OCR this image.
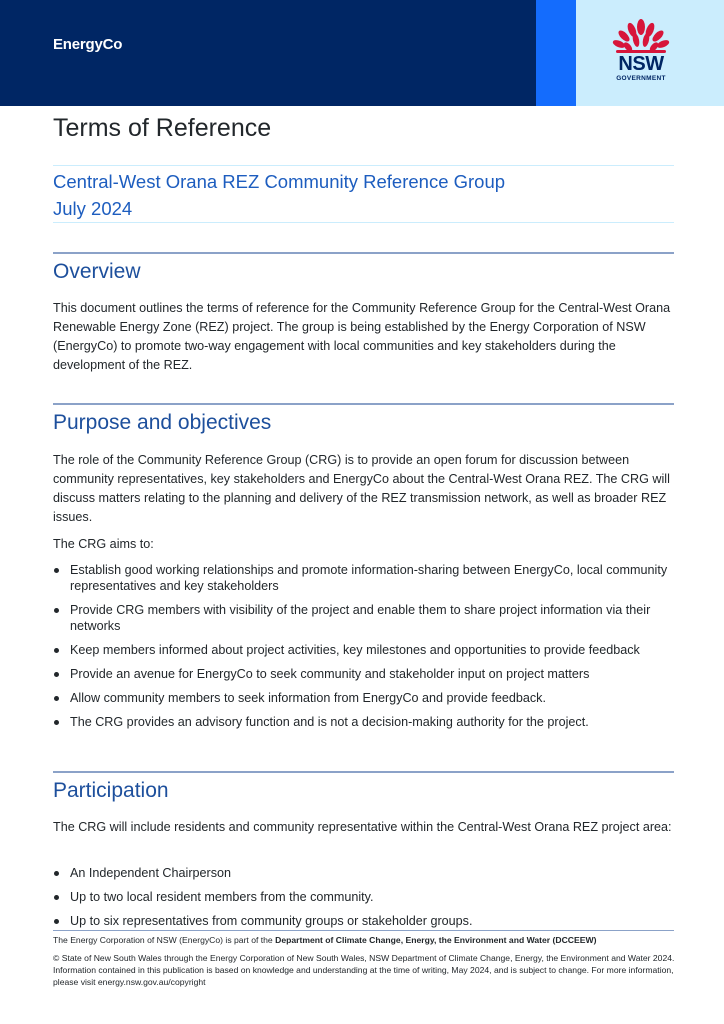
EnergyCo
NSW
GOVERNMENT
Terms of Reference
Central-West Orana REZ Community Reference Group
July 2024
Overview

This document outlines the terms of reference for the Community Reference Group for the Central-West Orana Renewable Energy Zone (REZ) project. The group is being established by the Energy Corporation of NSW (EnergyCo) to promote two-way engagement with local communities and key stakeholders during the development of the REZ.

Purpose and objectives

The role of the Community Reference Group (CRG) is to provide an open forum for discussion between community representatives, key stakeholders and EnergyCo about the Central-West Orana REZ. The CRG will discuss matters relating to the planning and delivery of the REZ transmission network, as well as broader REZ issues.

The CRG aims to:

Establish good working relationships and promote information-sharing between EnergyCo, local community representatives and key stakeholders
Provide CRG members with visibility of the project and enable them to share project information via their networks
Keep members informed about project activities, key milestones and opportunities to provide feedback
Provide an avenue for EnergyCo to seek community and stakeholder input on project matters
Allow community members to seek information from EnergyCo and provide feedback.
The CRG provides an advisory function and is not a decision-making authority for the project.
Participation

The CRG will include residents and community representative within the Central-West Orana REZ project area:

An Independent Chairperson
Up to two local resident members from the community.
Up to six representatives from community groups or stakeholder groups.
The Energy Corporation of NSW (EnergyCo) is part of the Department of Climate Change, Energy, the Environment and Water (DCCEEW)
© State of New South Wales through the Energy Corporation of New South Wales, NSW Department of Climate Change, Energy, the Environment and Water 2024. Information contained in this publication is based on knowledge and understanding at the time of writing, May 2024, and is subject to change. For more information, please visit energy.nsw.gov.au/copyright
